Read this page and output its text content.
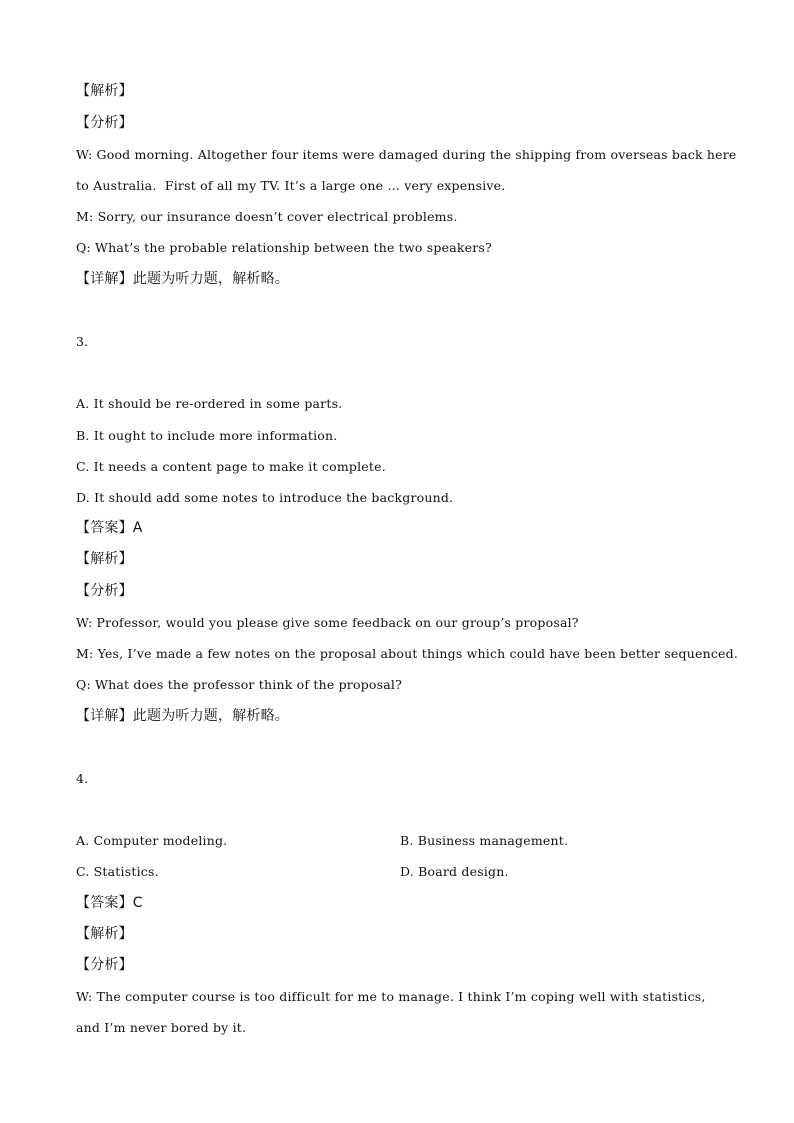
【解析】
【分析】
W: Good morning. Altogether four items were damaged during the shipping from overseas back here
to Australia.  First of all my TV. It’s a large one … very expensive.
M: Sorry, our insurance doesn’t cover electrical problems.
Q: What’s the probable relationship between the two speakers?
【详解】此题为听力题，解析略。
3.
A. It should be re-ordered in some parts.
B. It ought to include more information.
C. It needs a content page to make it complete.
D. It should add some notes to introduce the background.
【答案】A
【解析】
【分析】
W: Professor, would you please give some feedback on our group’s proposal?
M: Yes, I’ve made a few notes on the proposal about things which could have been better sequenced.
Q: What does the professor think of the proposal?
【详解】此题为听力题，解析略。
4.
A. Computer modeling.	B. Business management.
C. Statistics.	D. Board design.
【答案】C
【解析】
【分析】
W: The computer course is too difficult for me to manage. I think I’m coping well with statistics,
and I’m never bored by it.
